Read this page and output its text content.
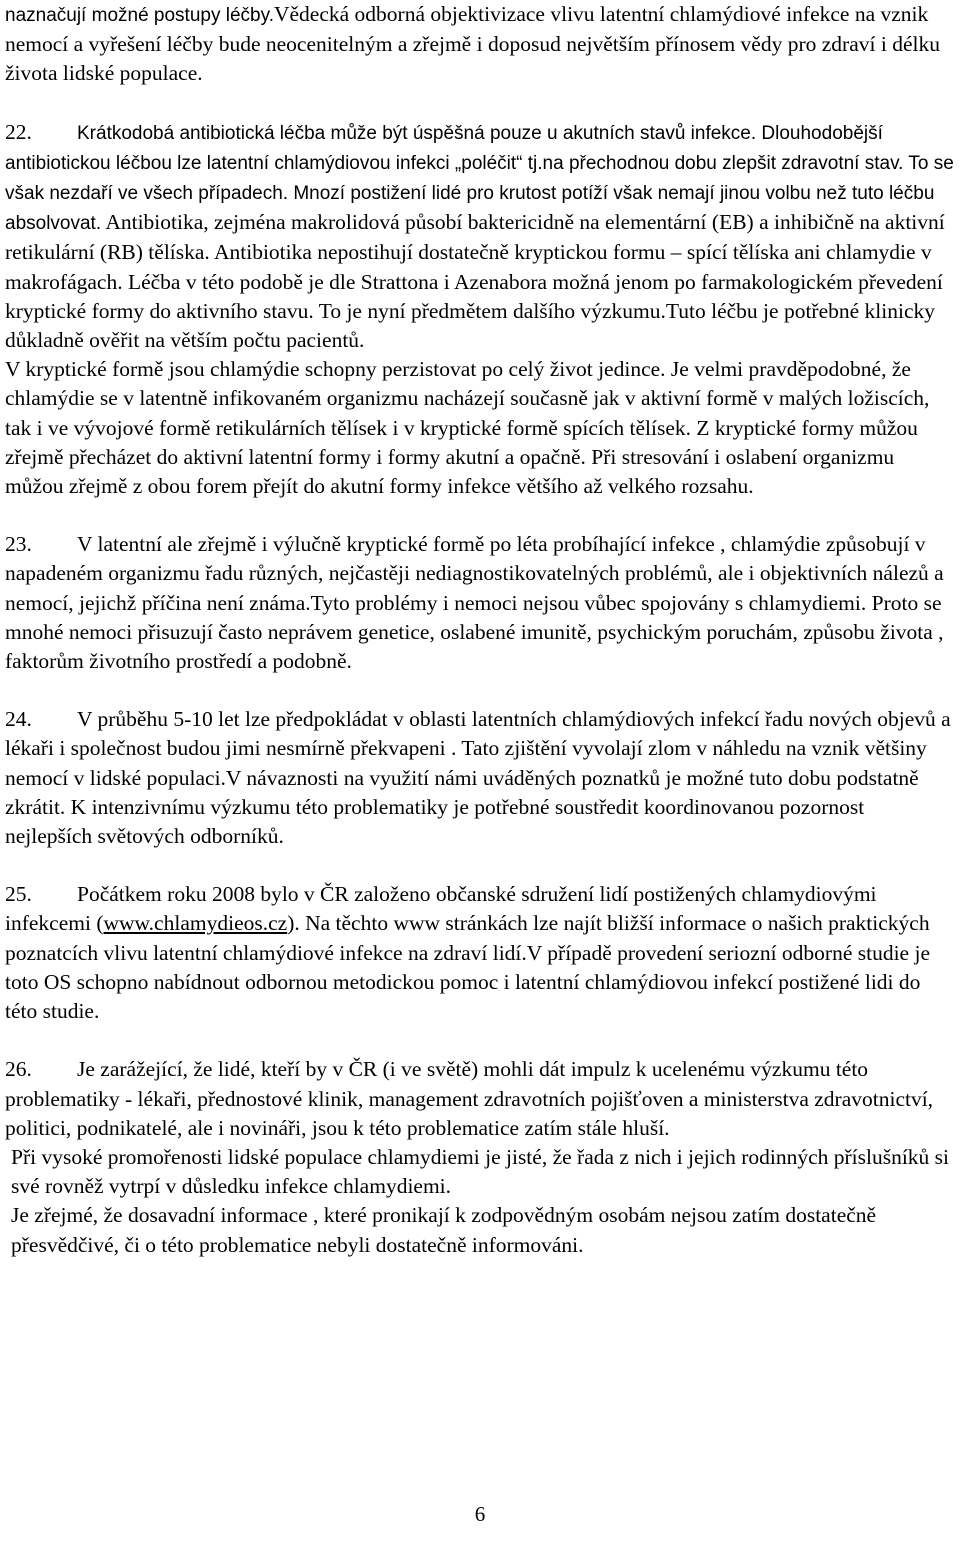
naznačují možné postupy léčby.Vědecká odborná objektivizace vlivu latentní chlamýdiové infekce na vznik nemocí a vyřešení léčby bude neocenitelným a zřejmě i doposud největším přínosem vědy pro zdraví i délku života lidské populace.

22. Krátkodobá antibiotická léčba může být úspěšná pouze u akutních stavů infekce. Dlouhodobější antibiotickou léčbou lze latentní chlamýdiovou infekci „poléčit“ tj.na přechodnou dobu zlepšit zdravotní stav. To se však nezdaří ve všech případech. Mnozí postižení lidé pro krutost potíží však nemají jinou volbu než tuto léčbu absolvovat. Antibiotika, zejména makrolidová působí baktericidně na elementární (EB) a inhibičně na aktivní retikulární (RB) tělíska. Antibiotika nepostihují dostatečně kryptickou formu – spící tělíska ani chlamydie v makrofágach. Léčba v této podobě je dle Strattona i Azenabora možná jenom po farmakologickém převedení kryptické formy do aktivního stavu. To je nyní předmětem dalšího výzkumu.Tuto léčbu je potřebné klinicky důkladně ověřit na větším počtu pacientů.

V kryptické formě jsou chlamýdie schopny perzistovat po celý život jedince. Je velmi pravděpodobné, že chlamýdie se v latentně infikovaném organizmu nacházejí současně jak v aktivní formě v malých ložiscích, tak i ve vývojové formě retikulárních tělísek i v kryptické formě spících tělísek. Z kryptické formy můžou zřejmě přecházet do aktivní latentní formy i formy akutní a opačně. Při stresování i oslabení organizmu můžou zřejmě z obou forem přejít do akutní formy infekce většího až velkého rozsahu.

23. V latentní ale zřejmě i výlučně kryptické formě po léta probíhající infekce , chlamýdie způsobují v napadeném organizmu řadu různých, nejčastěji nediagnostikovatelných problémů, ale i objektivních nálezů a nemocí, jejichž příčina není známa.Tyto problémy i nemoci nejsou vůbec spojovány s chlamydiemi. Proto se mnohé nemoci přisuzují často neprávem genetice, oslabené imunitě, psychickým poruchám, způsobu života , faktorům životního prostředí a podobně.

24. V průběhu 5-10 let lze předpokládat v oblasti latentních chlamýdiových infekcí řadu nových objevů a lékaři i společnost budou jimi nesmírně překvapeni . Tato zjištění vyvolají zlom v náhledu na vznik většiny nemocí v lidské populaci.V návaznosti na využití námi uváděných poznatků je možné tuto dobu podstatně zkrátit. K intenzivnímu výzkumu této problematiky je potřebné soustředit koordinovanou pozornost nejlepších světových odborníků.

25. Počátkem roku 2008 bylo v ČR založeno občanské sdružení lidí postižených chlamydiovými infekcemi (www.chlamydieos.cz). Na těchto www stránkách lze najít bližší informace o našich praktických poznatcích vlivu latentní chlamýdiové infekce na zdraví lidí.V případě provedení seriozní odborné studie je toto OS schopno nabídnout odbornou metodickou pomoc i latentní chlamýdiovou infekcí postižené lidi do této studie.

26. Je zarážející, že lidé, kteří by v ČR (i ve světě) mohli dát impulz k ucelenému výzkumu této problematiky - lékaři, přednostové klinik, management zdravotních pojišťoven a ministerstva zdravotnictví, politici, podnikatelé, ale i novináři, jsou k této problematice zatím stále hluší.

Při vysoké promořenosti lidské populace chlamydiemi je jisté, že řada z nich i jejich rodinných příslušníků si své rovněž vytrpí v důsledku infekce chlamydiemi.

Je zřejmé, že dosavadní informace , které pronikají k zodpovědným osobám nejsou zatím dostatečně přesvědčivé, či o této problematice nebyli dostatečně informováni.

6
